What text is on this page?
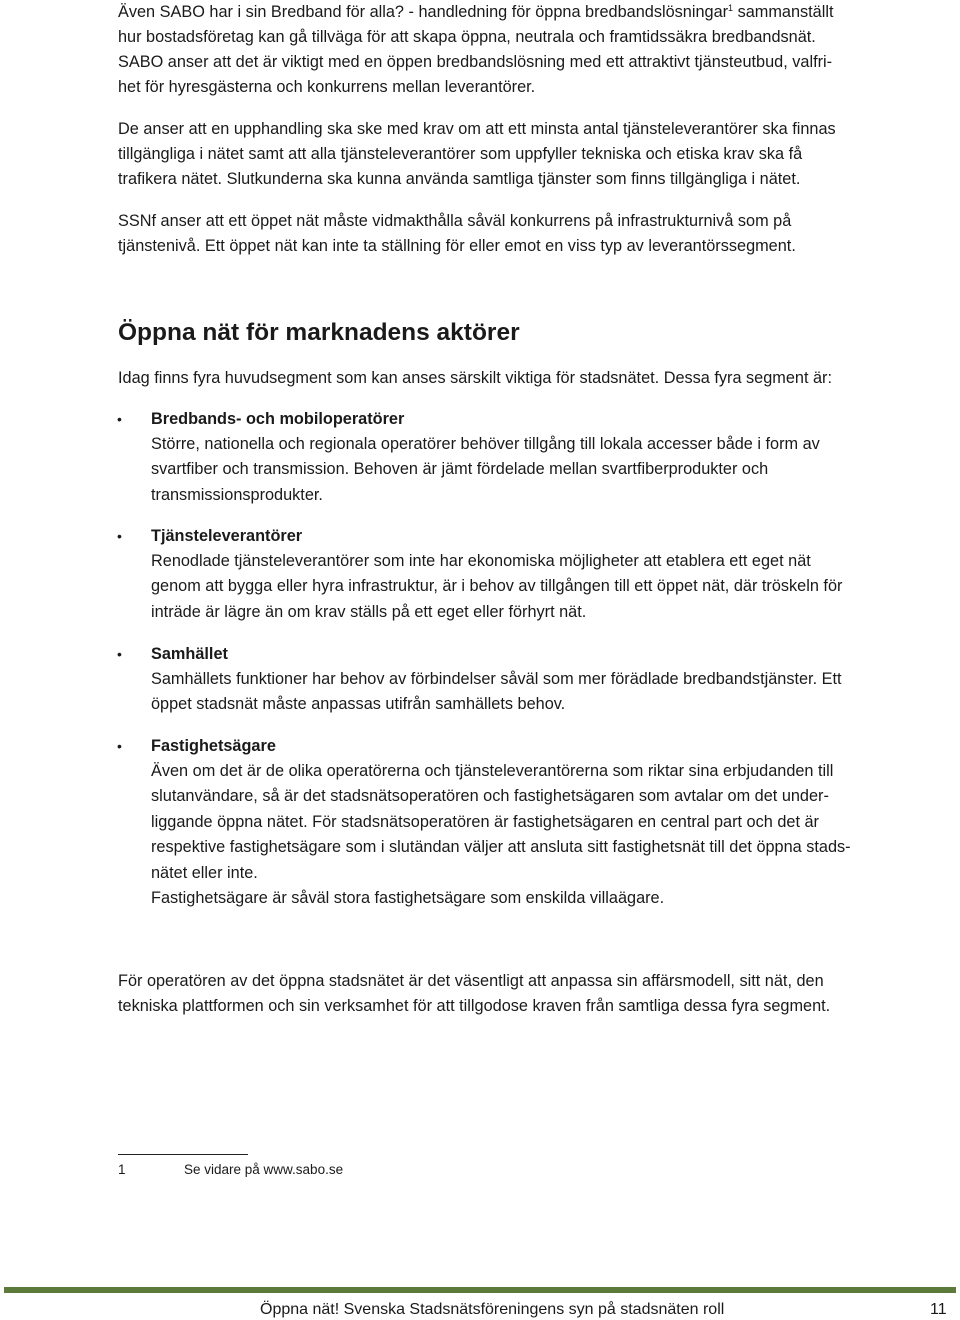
Även SABO har i sin Bredband för alla? - handledning för öppna bredbandslösningar$^1$ sammanställt
hur bostadsföretag kan gå tillväga för att skapa öppna, neutrala och framtidssäkra bredbandsnät.
SABO anser att det är viktigt med en öppen bredbandslösning med ett attraktivt tjänsteutbud, valfri-
het för hyresgästerna och konkurrens mellan leverantörer.

De anser att en upphandling ska ske med krav om att ett minsta antal tjänsteleverantörer ska finnas
tillgängliga i nätet samt att alla tjänsteleverantörer som uppfyller tekniska och etiska krav ska få
trafikera nätet. Slutkunderna ska kunna använda samtliga tjänster som finns tillgängliga i nätet.

SSNf anser att ett öppet nät måste vidmakthålla såväl konkurrens på infrastrukturnivå som på
tjänstenivå. Ett öppet nät kan inte ta ställning för eller emot en viss typ av leverantörssegment.

Öppna nät för marknadens aktörer

Idag finns fyra huvudsegment som kan anses särskilt viktiga för stadsnätet. Dessa fyra segment är:

• Bredbands- och mobiloperatörer

Större, nationella och regionala operatörer behöver tillgång till lokala accesser både i form av
svartfiber och transmission. Behoven är jämt fördelade mellan svartfiberprodukter och
transmissionsprodukter.

• Tjänsteleverantörer

Renodlade tjänsteleverantörer som inte har ekonomiska möjligheter att etablera ett eget nät
genom att bygga eller hyra infrastruktur, är i behov av tillgången till ett öppet nät, där tröskeln för
inträde är lägre än om krav ställs på ett eget eller förhyrt nät.

• Samhället

Samhällets funktioner har behov av förbindelser såväl som mer förädlade bredbandstjänster. Ett
öppet stadsnät måste anpassas utifrån samhällets behov.

• Fastighetsägare

Även om det är de olika operatörerna och tjänsteleverantörerna som riktar sina erbjudanden till
slutanvändare, så är det stadsnätsoperatören och fastighetsägaren som avtalar om det under-
liggande öppna nätet. För stadsnätsoperatören är fastighetsägaren en central part och det är
respektive fastighetsägare som i slutändan väljer att ansluta sitt fastighetsnät till det öppna stads-
nätet eller inte.
Fastighetsägare är såväl stora fastighetsägare som enskilda villaägare.

För operatören av det öppna stadsnätet är det väsentligt att anpassa sin affärsmodell, sitt nät, den
tekniska plattformen och sin verksamhet för att tillgodose kraven från samtliga dessa fyra segment.

1	Se vidare på www.sabo.se
Öppna nät! Svenska Stadsnätsföreningens syn på stadsnäten roll	11
